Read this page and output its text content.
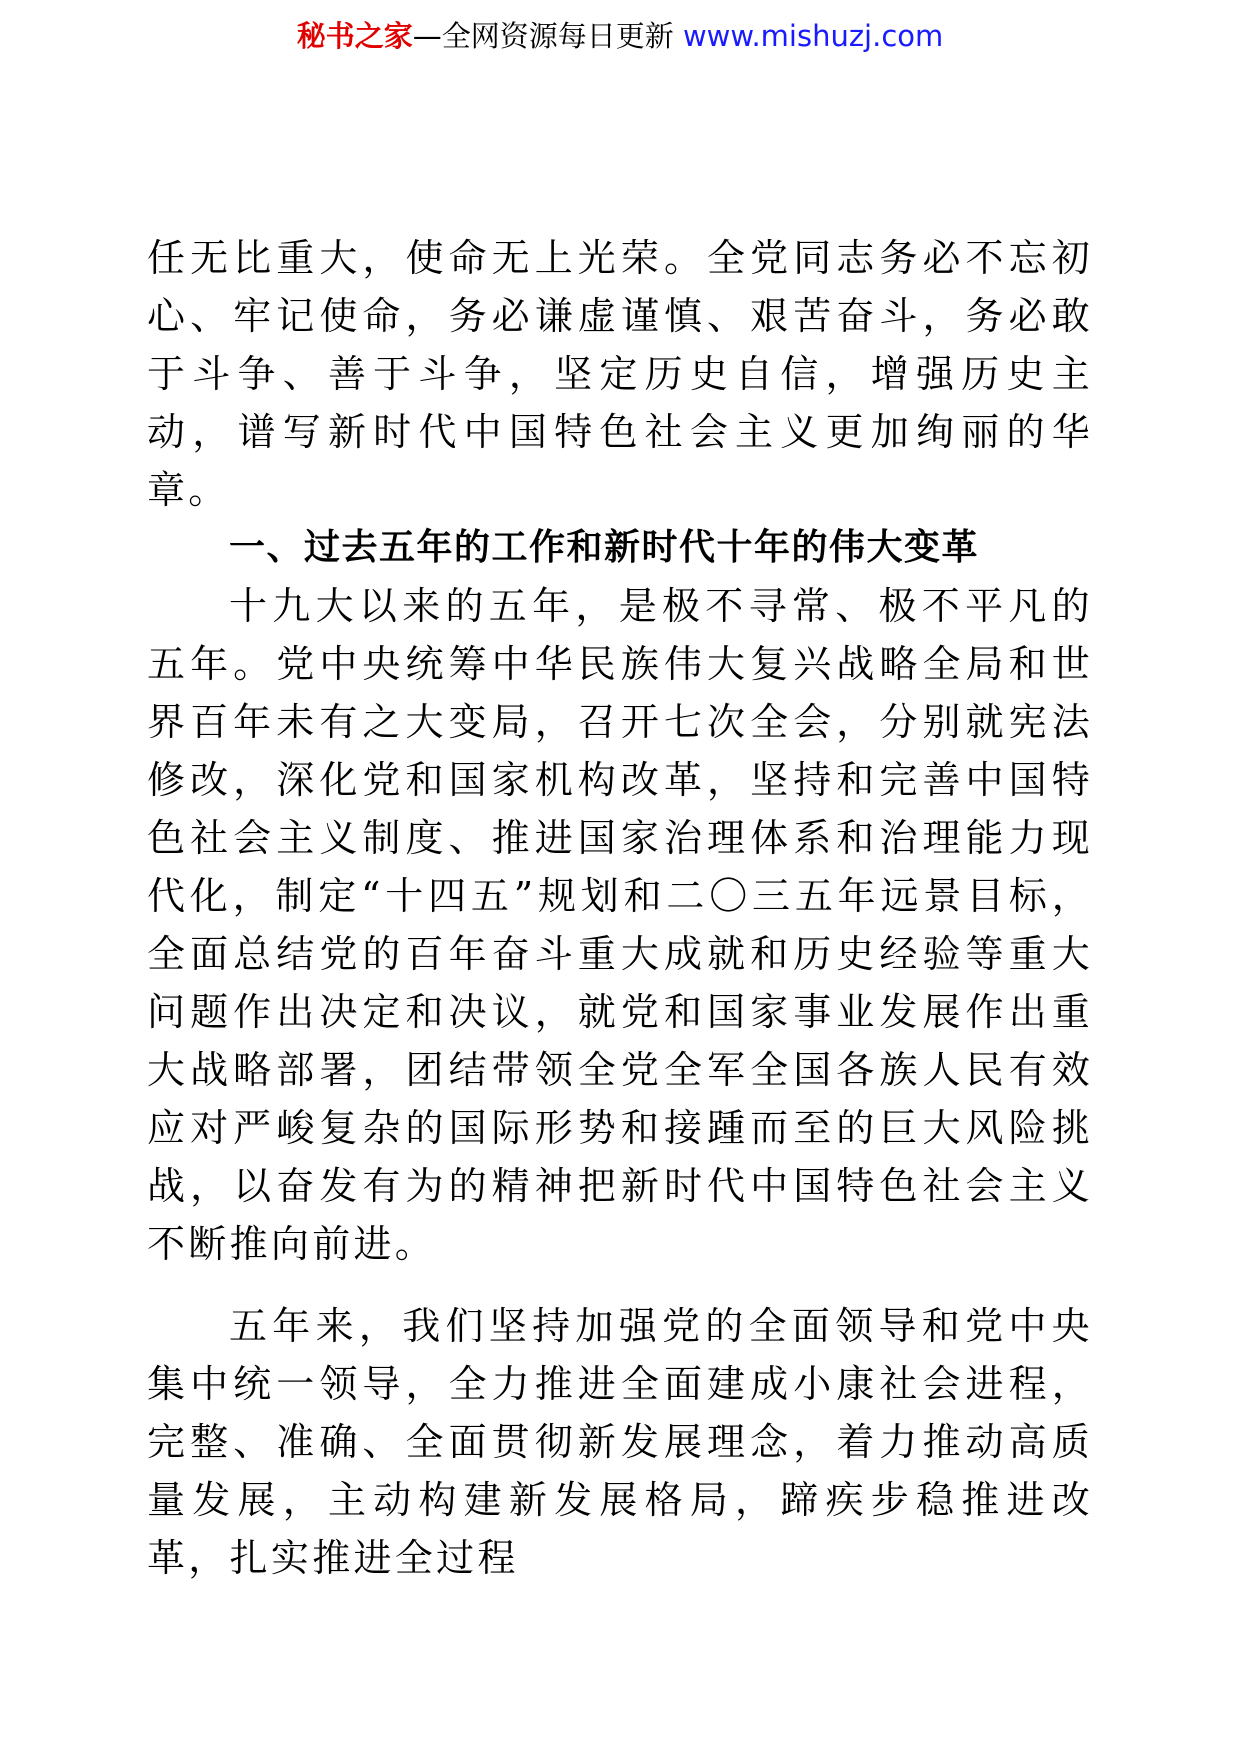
秘书之家—全网资源每日更新 www.mishuzj.com

任无比重大，使命无上光荣。全党同志务必不忘初心、牢记使命，务必谦虚谨慎、艰苦奋斗，务必敢于斗争、善于斗争，坚定历史自信，增强历史主动，谱写新时代中国特色社会主义更加绚丽的华章。

一、过去五年的工作和新时代十年的伟大变革

十九大以来的五年，是极不寻常、极不平凡的五年。党中央统筹中华民族伟大复兴战略全局和世界百年未有之大变局，召开七次全会，分别就宪法修改，深化党和国家机构改革，坚持和完善中国特色社会主义制度、推进国家治理体系和治理能力现代化，制定“十四五”规划和二〇三五年远景目标，全面总结党的百年奋斗重大成就和历史经验等重大问题作出决定和决议，就党和国家事业发展作出重大战略部署，团结带领全党全军全国各族人民有效应对严峻复杂的国际形势和接踵而至的巨大风险挑战，以奋发有为的精神把新时代中国特色社会主义不断推向前进。

五年来，我们坚持加强党的全面领导和党中央集中统一领导，全力推进全面建成小康社会进程，完整、准确、全面贯彻新发展理念，着力推动高质量发展，主动构建新发展格局，蹄疾步稳推进改革，扎实推进全过程
